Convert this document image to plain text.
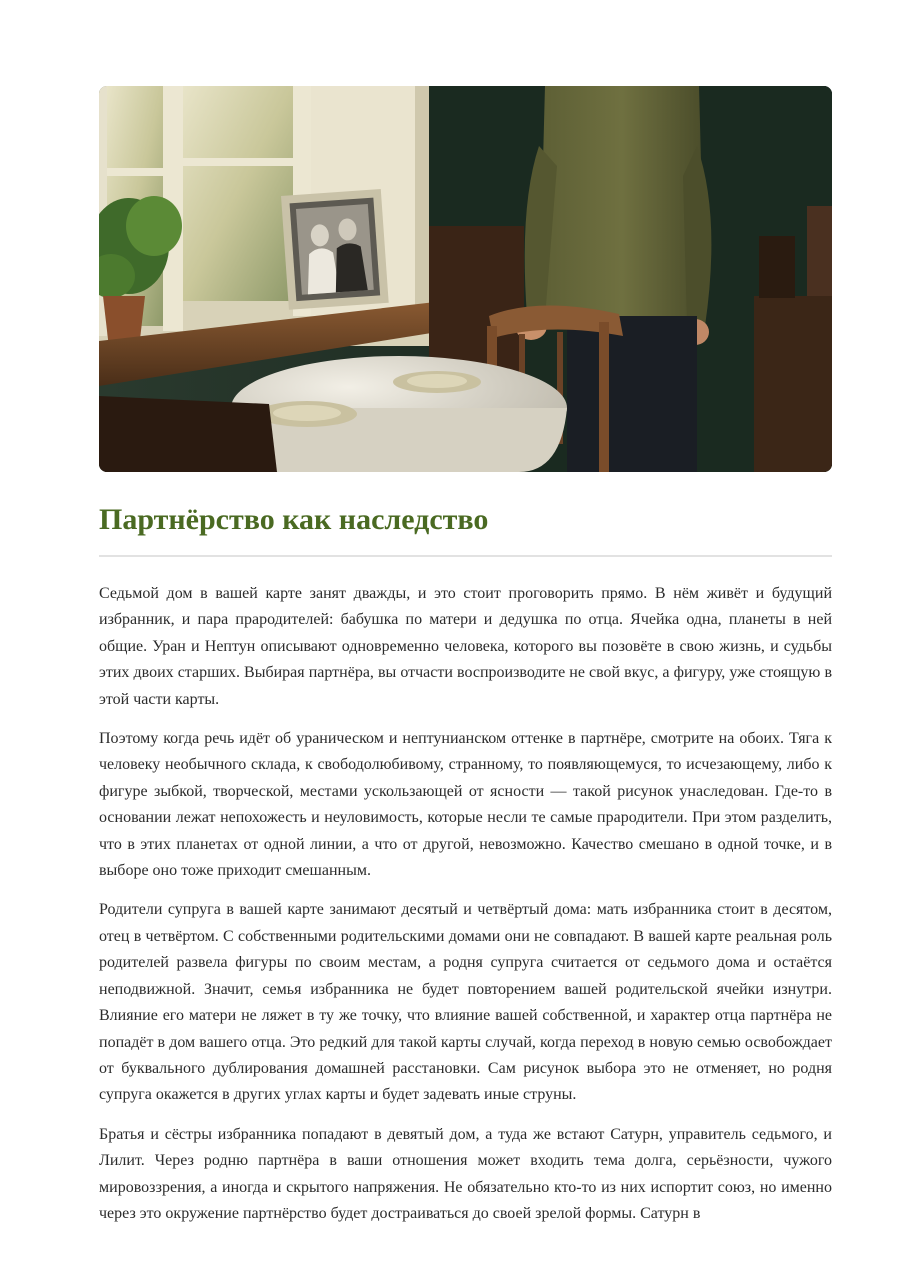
Партнёрство как наследство

Седьмой дом в вашей карте занят дважды, и это стоит проговорить прямо. В нём живёт и будущий избранник, и пара прародителей: бабушка по матери и дедушка по отца. Ячейка одна, планеты в ней общие. Уран и Нептун описывают одновременно человека, которого вы позовёте в свою жизнь, и судьбы этих двоих старших. Выбирая партнёра, вы отчасти воспроизводите не свой вкус, а фигуру, уже стоящую в этой части карты.

Поэтому когда речь идёт об ураническом и нептунианском оттенке в партнёре, смотрите на обоих. Тяга к человеку необычного склада, к свободолюбивому, странному, то появляющемуся, то исчезающему, либо к фигуре зыбкой, творческой, местами ускользающей от ясности — такой рисунок унаследован. Где-то в основании лежат непохожесть и неуловимость, которые несли те самые прародители. При этом разделить, что в этих планетах от одной линии, а что от другой, невозможно. Качество смешано в одной точке, и в выборе оно тоже приходит смешанным.

Родители супруга в вашей карте занимают десятый и четвёртый дома: мать избранника стоит в десятом, отец в четвёртом. С собственными родительскими домами они не совпадают. В вашей карте реальная роль родителей развела фигуры по своим местам, а родня супруга считается от седьмого дома и остаётся неподвижной. Значит, семья избранника не будет повторением вашей родительской ячейки изнутри. Влияние его матери не ляжет в ту же точку, что влияние вашей собственной, и характер отца партнёра не попадёт в дом вашего отца. Это редкий для такой карты случай, когда переход в новую семью освобождает от буквального дублирования домашней расстановки. Сам рисунок выбора это не отменяет, но родня супруга окажется в других углах карты и будет задевать иные струны.

Братья и сёстры избранника попадают в девятый дом, а туда же встают Сатурн, управитель седьмого, и Лилит. Через родню партнёра в ваши отношения может входить тема долга, серьёзности, чужого мировоззрения, а иногда и скрытого напряжения. Не обязательно кто-то из них испортит союз, но именно через это окружение партнёрство будет достраиваться до своей зрелой формы. Сатурн в
